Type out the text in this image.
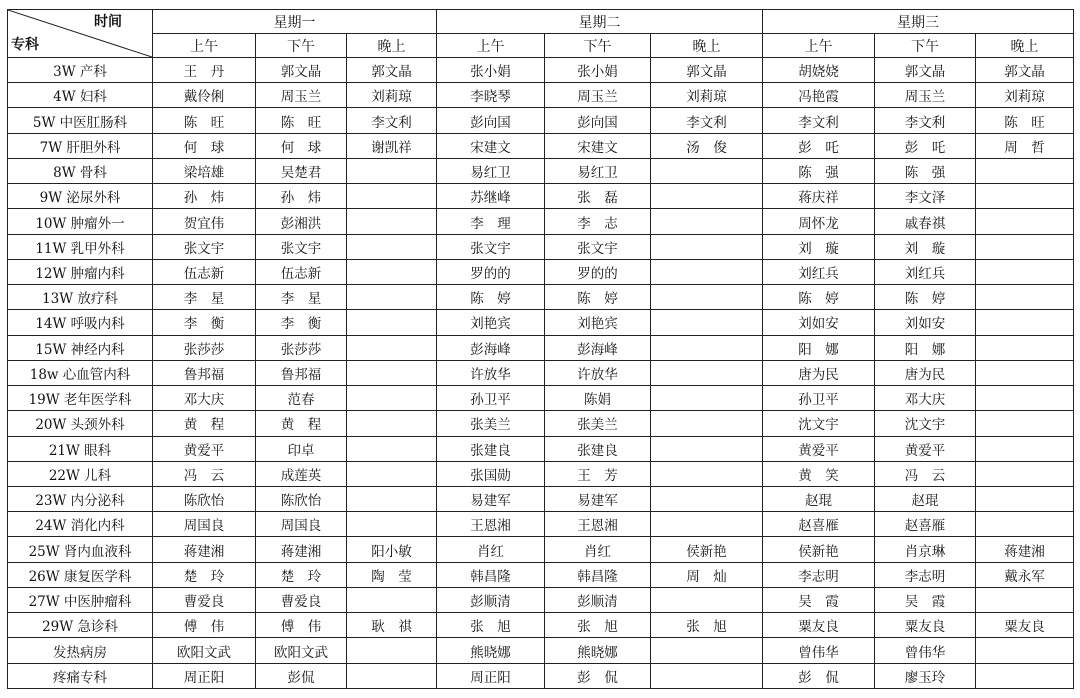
时间
专科	星期一			星期二			星期三		
	上午	下午	晚上	上午	下午	晚上	上午	下午	晚上
3W 产科	王　丹	郭文晶	郭文晶	张小娟	张小娟	郭文晶	胡娆娆	郭文晶	郭文晶
4W 妇科	戴伶俐	周玉兰	刘莉琼	李晓琴	周玉兰	刘莉琼	冯艳霞	周玉兰	刘莉琼
5W 中医肛肠科	陈　旺	陈　旺	李文利	彭向国	彭向国	李文利	李文利	李文利	陈　旺
7W 肝胆外科	何　球	何　球	谢凯祥	宋建文	宋建文	汤　俊	彭　吒	彭　吒	周　哲
8W 骨科	梁培雄	吴楚君		易红卫	易红卫		陈　强	陈　强	
9W 泌尿外科	孙　炜	孙　炜		苏继峰	张　磊		蒋庆祥	李文泽	
10W 肿瘤外一	贺宜伟	彭湘洪		李　理	李　志		周怀龙	戚春祺	
11W 乳甲外科	张文宇	张文宇		张文宇	张文宇		刘　璇	刘　璇	
12W 肿瘤内科	伍志新	伍志新		罗的的	罗的的		刘红兵	刘红兵	
13W 放疗科	李　星	李　星		陈　婷	陈　婷		陈　婷	陈　婷	
14W 呼吸内科	李　衡	李　衡		刘艳宾	刘艳宾		刘如安	刘如安	
15W 神经内科	张莎莎	张莎莎		彭海峰	彭海峰		阳　娜	阳　娜	
18w 心血管内科	鲁邦福	鲁邦福		许放华	许放华		唐为民	唐为民	
19W 老年医学科	邓大庆	范春		孙卫平	陈娟		孙卫平	邓大庆	
20W 头颈外科	黄　程	黄　程		张美兰	张美兰		沈文宇	沈文宇	
21W 眼科	黄爱平	印卓		张建良	张建良		黄爱平	黄爱平	
22W 儿科	冯　云	成莲英		张国勋	王　芳		黄　笑	冯　云	
23W 内分泌科	陈欣怡	陈欣怡		易建军	易建军		赵琨	赵琨	
24W 消化内科	周国良	周国良		王恩湘	王恩湘		赵喜雁	赵喜雁	
25W 肾内血液科	蒋建湘	蒋建湘	阳小敏	肖红	肖红	侯新艳	侯新艳	肖京琳	蒋建湘
26W 康复医学科	楚　玲	楚　玲	陶　莹	韩昌隆	韩昌隆	周　灿	李志明	李志明	戴永军
27W 中医肿瘤科	曹爱良	曹爱良		彭顺清	彭顺清		吴　霞	吴　霞	
29W 急诊科	傅　伟	傅　伟	耿　祺	张　旭	张　旭	张　旭	粟友良	粟友良	粟友良
发热病房	欧阳文武	欧阳文武		熊晓娜	熊晓娜		曾伟华	曾伟华	
疼痛专科	周正阳	彭侃		周正阳	彭　侃		彭　侃	廖玉玲	
